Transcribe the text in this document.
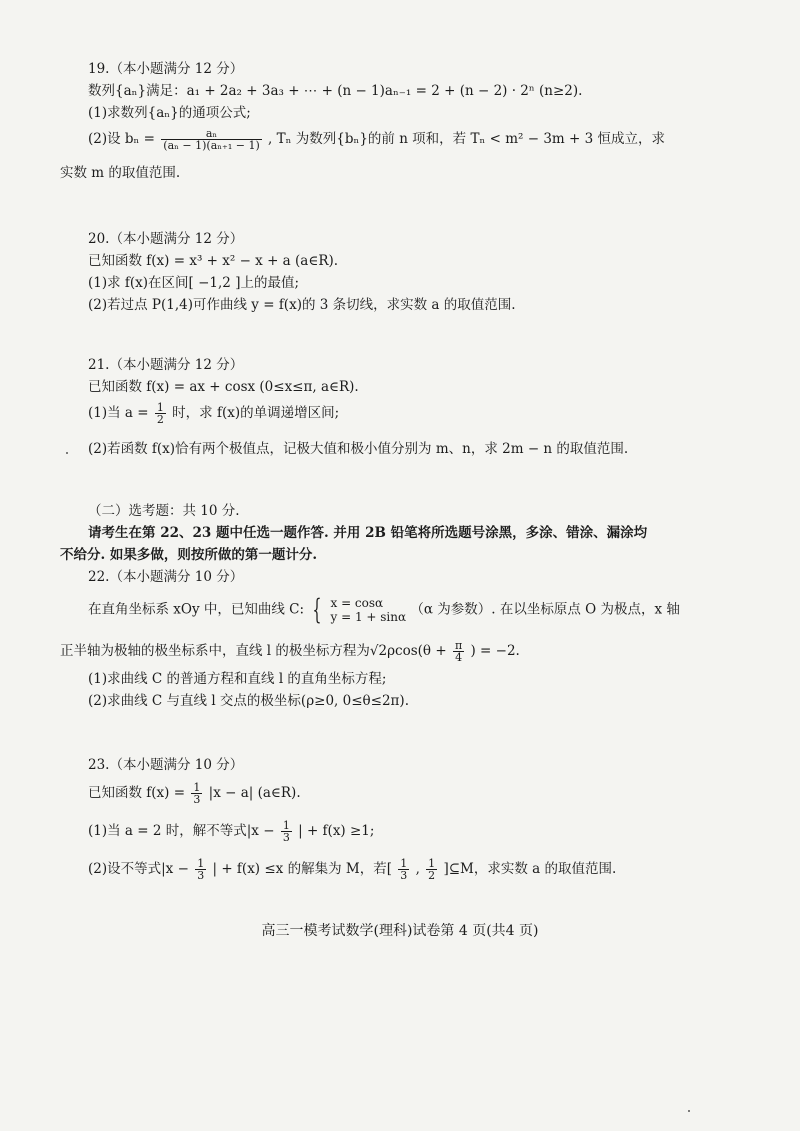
19.（本小题满分 12 分）
数列{aₙ}满足：a₁ + 2a₂ + 3a₃ + ⋯ + (n − 1)aₙ₋₁ = 2 + (n − 2) · 2ⁿ (n≥2).
(1)求数列{aₙ}的通项公式;
(2)设 $b_n = \frac{\text{aₙ}}{\text{(aₙ − 1)(aₙ₊₁ − 1)}}$ , Tₙ 为数列{bₙ}的前 n 项和，若 Tₙ < m² − 3m + 3 恒成立，求
实数 m 的取值范围.
20.（本小题满分 12 分）
已知函数 f(x) = x³ + x² − x + a (a∈R).
(1)求 f(x)在区间[ −1,2 ]上的最值;
(2)若过点 P(1,4)可作曲线 y = f(x)的 3 条切线，求实数 a 的取值范围.
21.（本小题满分 12 分）
已知函数 f(x) = ax + cosx (0≤x≤π, a∈R).
(1)当 $a = \frac{1}{2}$ 时，求 f(x)的单调递增区间;
(2)若函数 f(x)恰有两个极值点，记极大值和极小值分别为 m、n，求 2m − n 的取值范围.
（二）选考题：共 10 分.
请考生在第 22、23 题中任选一题作答. 并用 2B 铅笔将所选题号涂黑，多涂、错涂、漏涂均
不给分. 如果多做，则按所做的第一题计分.
22.（本小题满分 10 分）
在直角坐标系 xOy 中，已知曲线 C: { x = cosα
y = 1 + sinα （α 为参数）. 在以坐标原点 O 为极点，x 轴
正半轴为极轴的极坐标系中，直线 l 的极坐标方程为$√2\rho\cos(\theta + \frac{\pi}{4}$ ) = −2.
(1)求曲线 C 的普通方程和直线 l 的直角坐标方程;
(2)求曲线 C 与直线 l 交点的极坐标(ρ≥0, 0≤θ≤2π).
23.（本小题满分 10 分）
已知函数 $f(x) = \frac{1}{3} |x - a|$ (a∈R).
(1)当 a = 2 时，解不等式$|x - \frac{1}{3}$ | + f(x) ≥1;
(2)设不等式$|x - \frac{1}{3}$ | + f(x) ≤x 的解集为 M，若[ $\frac{1}{3}$ , $\frac{1}{2}$ ]⊆M，求实数 a 的取值范围.
高三一模考试数学(理科)试卷第 4 页(共4 页)
